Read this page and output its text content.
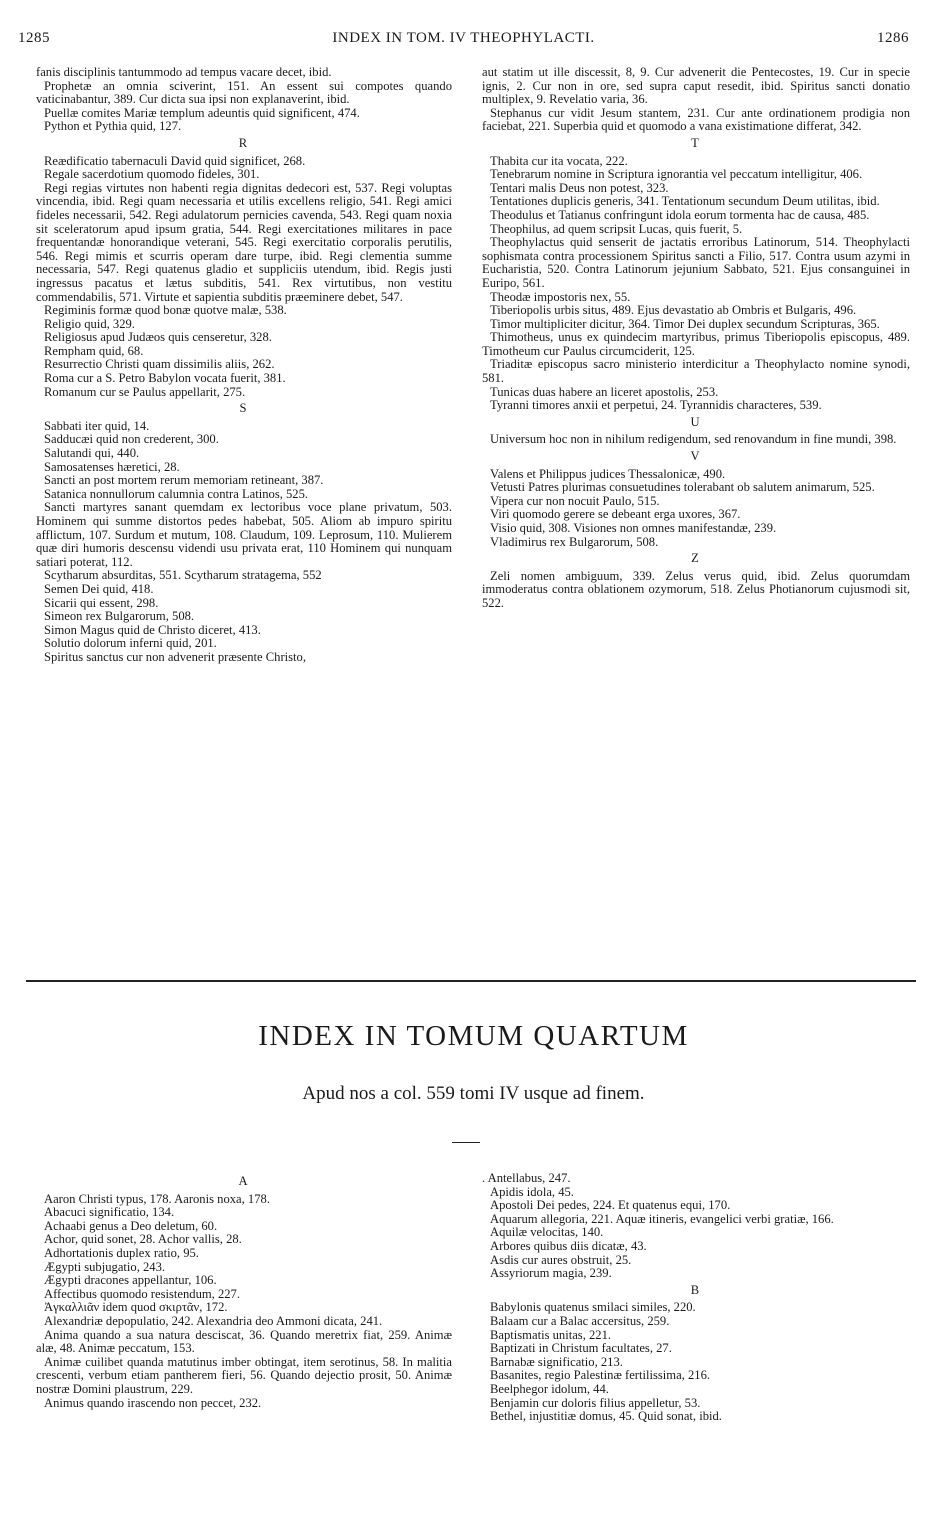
1285	INDEX IN TOM. IV THEOPHYLACTI.	1286

fanis disciplinis tantummodo ad tempus vacare decet, ibid.

Prophetæ an omnia sciverint, 151. An essent sui compotes quando vaticinabantur, 389. Cur dicta sua ipsi non explanaverint, ibid.

Puellæ comites Mariæ templum adeuntis quid significent, 474.

Python et Pythia quid, 127.

R

Reædificatio tabernaculi David quid significet, 268.

Regale sacerdotium quomodo fideles, 301.

Regi regias virtutes non habenti regia dignitas dedecori est, 537. Regi voluptas vincendia, ibid. Regi quam necessaria et utilis excellens religio, 541. Regi amici fideles necessarii, 542. Regi adulatorum pernicies cavenda, 543. Regi quam noxia sit sceleratorum apud ipsum gratia, 544. Regi exercitationes militares in pace frequentandæ honorandique veterani, 545. Regi exercitatio corporalis perutilis, 546. Regi mimis et scurris operam dare turpe, ibid. Regi clementia summe necessaria, 547. Regi quatenus gladio et suppliciis utendum, ibid. Regis justi ingressus pacatus et lætus subditis, 541. Rex virtutibus, non vestitu commendabilis, 571. Virtute et sapientia subditis præeminere debet, 547.

Regiminis formæ quod bonæ quotve malæ, 538.

Religio quid, 329.

Religiosus apud Judæos quis censeretur, 328.

Rempham quid, 68.

Resurrectio Christi quam dissimilis aliis, 262.

Roma cur a S. Petro Babylon vocata fuerit, 381.

Romanum cur se Paulus appellarit, 275.

S

Sabbati iter quid, 14.

Sadducæi quid non crederent, 300.

Salutandi qui, 440.

Samosatenses hæretici, 28.

Sancti an post mortem rerum memoriam retineant, 387.

Satanica nonnullorum calumnia contra Latinos, 525.

Sancti martyres sanant quemdam ex lectoribus voce plane privatum, 503. Hominem qui summe distortos pedes habebat, 505. Aliom ab impuro spiritu afflictum, 107. Surdum et mutum, 108. Claudum, 109. Leprosum, 110. Mulierem quæ diri humoris descensu videndi usu privata erat, 110 Hominem qui nunquam satiari poterat, 112.

Scytharum absurditas, 551. Scytharum stratagema, 552

Semen Dei quid, 418.

Sicarii qui essent, 298.

Simeon rex Bulgarorum, 508.

Simon Magus quid de Christo diceret, 413.

Solutio dolorum inferni quid, 201.

Spiritus sanctus cur non advenerit præsente Christo,

aut statim ut ille discessit, 8, 9. Cur advenerit die Pentecostes, 19. Cur in specie ignis, 2. Cur non in ore, sed supra caput resedit, ibid. Spiritus sancti donatio multiplex, 9. Revelatio varia, 36.

Stephanus cur vidit Jesum stantem, 231. Cur ante ordinationem prodigia non faciebat, 221. Superbia quid et quomodo a vana existimatione differat, 342.

T

Thabita cur ita vocata, 222.

Tenebrarum nomine in Scriptura ignorantia vel peccatum intelligitur, 406.

Tentari malis Deus non potest, 323.

Tentationes duplicis generis, 341. Tentationum secundum Deum utilitas, ibid.

Theodulus et Tatianus confringunt idola eorum tormenta hac de causa, 485.

Theophilus, ad quem scripsit Lucas, quis fuerit, 5.

Theophylactus quid senserit de jactatis erroribus Latinorum, 514. Theophylacti sophismata contra processionem Spiritus sancti a Filio, 517. Contra usum azymi in Eucharistia, 520. Contra Latinorum jejunium Sabbato, 521. Ejus consanguinei in Euripo, 561.

Theodæ impostoris nex, 55.

Tiberiopolis urbis situs, 489. Ejus devastatio ab Ombris et Bulgaris, 496.

Timor multipliciter dicitur, 364. Timor Dei duplex secundum Scripturas, 365.

Thimotheus, unus ex quindecim martyribus, primus Tiberiopolis episcopus, 489. Timotheum cur Paulus circumciderit, 125.

Triaditæ episcopus sacro ministerio interdicitur a Theophylacto nomine synodi, 581.

Tunicas duas habere an liceret apostolis, 253.

Tyranni timores anxii et perpetui, 24. Tyrannidis characteres, 539.

U

Universum hoc non in nihilum redigendum, sed renovandum in fine mundi, 398.

V

Valens et Philippus judices Thessalonicæ, 490.

Vetusti Patres plurimas consuetudines tolerabant ob salutem animarum, 525.

Vipera cur non nocuit Paulo, 515.

Viri quomodo gerere se debeant erga uxores, 367.

Visio quid, 308. Visiones non omnes manifestandæ, 239.

Vladimirus rex Bulgarorum, 508.

Z

Zeli nomen ambiguum, 339. Zelus verus quid, ibid. Zelus quorumdam immoderatus contra oblationem ozymorum, 518. Zelus Photianorum cujusmodi sit, 522.

INDEX IN TOMUM QUARTUM
Apud nos a col. 559 tomi IV usque ad finem.

A

Aaron Christi typus, 178. Aaronis noxa, 178.

Abacuci significatio, 134.

Achaabi genus a Deo deletum, 60.

Achor, quid sonet, 28. Achor vallis, 28.

Adhortationis duplex ratio, 95.

Ægypti subjugatio, 243.

Ægypti dracones appellantur, 106.

Affectibus quomodo resistendum, 227.

Ἀγκαλλιᾶν idem quod σκιρτᾶν, 172.

Alexandriæ depopulatio, 242. Alexandria deo Ammoni dicata, 241.

Anima quando a sua natura desciscat, 36. Quando meretrix fiat, 259. Animæ alæ, 48. Animæ peccatum, 153.

Animæ cuilibet quanda matutinus imber obtingat, item serotinus, 58. In malitia crescenti, verbum etiam pantherem fieri, 56. Quando dejectio prosit, 50. Animæ nostræ Domini plaustrum, 229.

Animus quando irascendo non peccet, 232.

. Antellabus, 247.

Apidis idola, 45.

Apostoli Dei pedes, 224. Et quatenus equi, 170.

Aquarum allegoria, 221. Aquæ itineris, evangelici verbi gratiæ, 166.

Aquilæ velocitas, 140.

Arbores quibus diis dicatæ, 43.

Asdis cur aures obstruit, 25.

Assyriorum magia, 239.

B

Babylonis quatenus smilaci similes, 220.

Balaam cur a Balac accersitus, 259.

Baptismatis unitas, 221.

Baptizati in Christum facultates, 27.

Barnabæ significatio, 213.

Basanites, regio Palestinæ fertilissima, 216.

Beelphegor idolum, 44.

Benjamin cur doloris filius appelletur, 53.

Bethel, injustitiæ domus, 45. Quid sonat, ibid.
